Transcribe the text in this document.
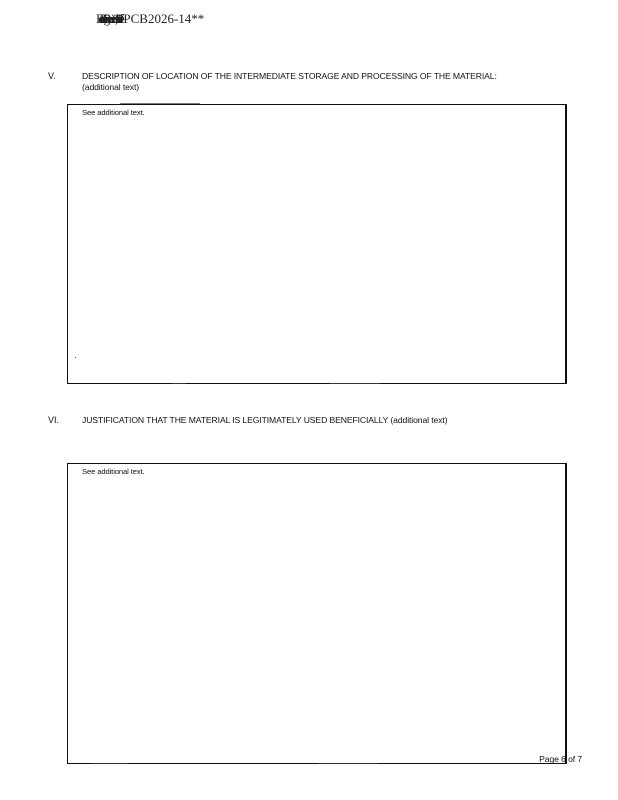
Electronic Filing: Received, Clerk's Office PCB2026-14**
V.	DESCRIPTION OF LOCATION OF THE INTERMEDIATE STORAGE AND PROCESSING OF THE MATERIAL:
(additional text)
See additional text.
VI.	JUSTIFICATION THAT THE MATERIAL IS LEGITIMATELY USED BENEFICIALLY (additional text)
See additional text.
Page 6 of 7
